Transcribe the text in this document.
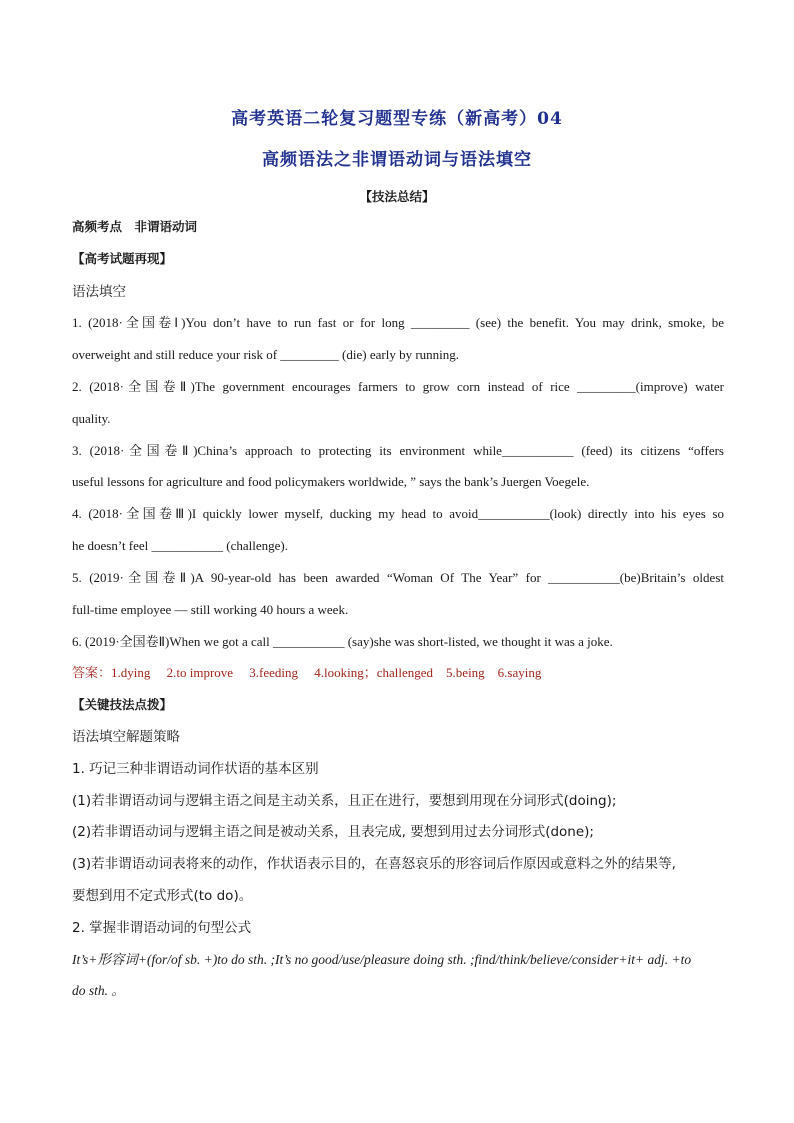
高考英语二轮复习题型专练（新高考）04
高频语法之非谓语动词与语法填空
【技法总结】
高频考点　非谓语动词
【高考试题再现】
语法填空
1. (2018·全国卷Ⅰ)You don’t have to run fast or for long _________ (see) the benefit. You may drink, smoke, be
overweight and still reduce your risk of _________ (die) early by running.
2. (2018·全国卷Ⅱ)The government encourages farmers to grow corn instead of rice _________(improve) water
quality.
3. (2018·全国卷Ⅱ)China’s approach to protecting its environment while___________ (feed) its citizens “offers
useful lessons for agriculture and food policymakers worldwide, ” says the bank’s Juergen Voegele.
4. (2018·全国卷Ⅲ)I quickly lower myself, ducking my head to avoid___________(look) directly into his eyes so
he doesn’t feel ___________ (challenge).
5. (2019·全国卷Ⅱ)A 90-year-old has been awarded “Woman Of The Year” for ___________(be)Britain’s oldest
full-time employee — still working 40 hours a week.
6. (2019·全国卷Ⅱ)When we got a call ___________ (say)she was short-listed, we thought it was a joke.
答案：1.dying　 2.to improve　 3.feeding　 4.looking；challenged　5.being　6.saying
【关键技法点拨】
语法填空解题策略
1. 巧记三种非谓语动词作状语的基本区别
(1)若非谓语动词与逻辑主语之间是主动关系，且正在进行，要想到用现在分词形式(doing);
(2)若非谓语动词与逻辑主语之间是被动关系，且表完成, 要想到用过去分词形式(done);
(3)若非谓语动词表将来的动作，作状语表示目的，在喜怒哀乐的形容词后作原因或意料之外的结果等,
要想到用不定式形式(to do)。
2. 掌握非谓语动词的句型公式
It’s+形容词+(for/of sb. +)to do sth. ;It’s no good/use/pleasure doing sth. ;find/think/believe/consider+it+ adj. +to
do sth. 。
